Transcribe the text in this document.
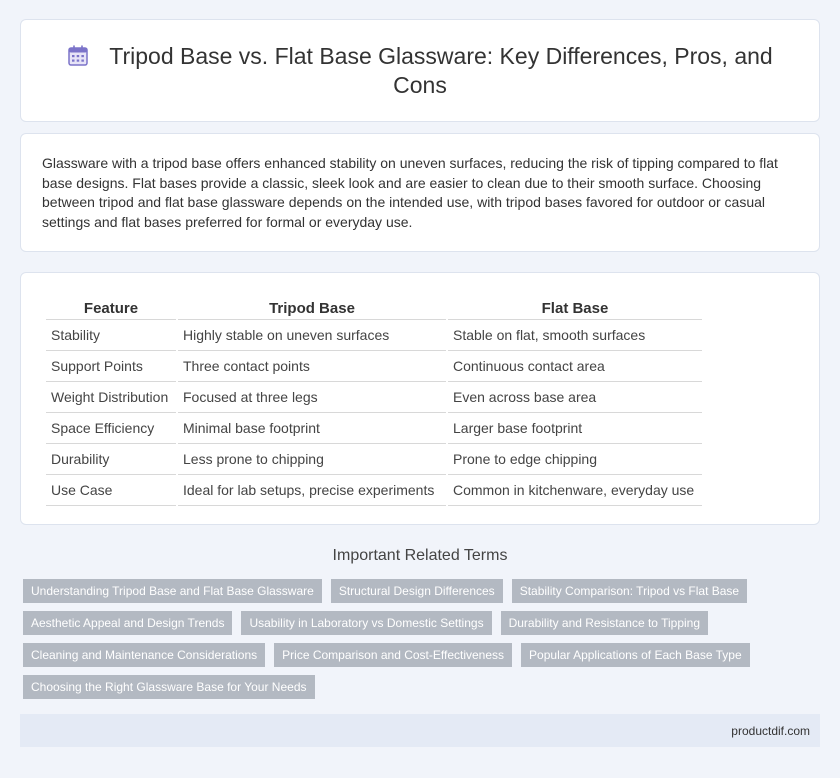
Tripod Base vs. Flat Base Glassware: Key Differences, Pros, and Cons

Glassware with a tripod base offers enhanced stability on uneven surfaces, reducing the risk of tipping compared to flat base designs. Flat bases provide a classic, sleek look and are easier to clean due to their smooth surface. Choosing between tripod and flat base glassware depends on the intended use, with tripod bases favored for outdoor or casual settings and flat bases preferred for formal or everyday use.

Feature	Tripod Base	Flat Base
Stability	Highly stable on uneven surfaces	Stable on flat, smooth surfaces
Support Points	Three contact points	Continuous contact area
Weight Distribution	Focused at three legs	Even across base area
Space Efficiency	Minimal base footprint	Larger base footprint
Durability	Less prone to chipping	Prone to edge chipping
Use Case	Ideal for lab setups, precise experiments	Common in kitchenware, everyday use
Important Related Terms
Understanding Tripod Base and Flat Base Glassware	Structural Design Differences	Stability Comparison: Tripod vs Flat Base
Aesthetic Appeal and Design Trends	Usability in Laboratory vs Domestic Settings	Durability and Resistance to Tipping
Cleaning and Maintenance Considerations	Price Comparison and Cost-Effectiveness	Popular Applications of Each Base Type
Choosing the Right Glassware Base for Your Needs
productdif.com
